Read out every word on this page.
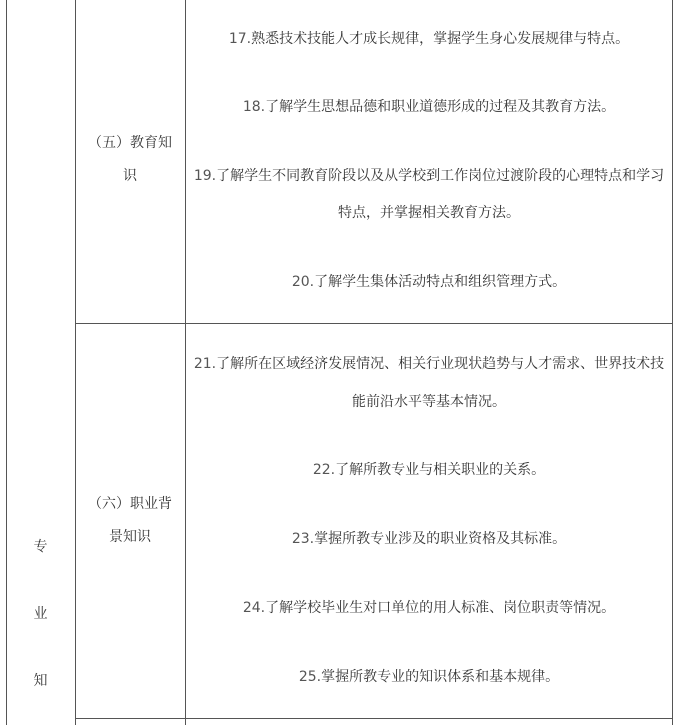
专
业
知
（五）教育知
识
17.熟悉技术技能人才成长规律，掌握学生身心发展规律与特点。
18.了解学生思想品德和职业道德形成的过程及其教育方法。
19.了解学生不同教育阶段以及从学校到工作岗位过渡阶段的心理特点和学习
特点，并掌握相关教育方法。
20.了解学生集体活动特点和组织管理方式。
（六）职业背
景知识
21.了解所在区域经济发展情况、相关行业现状趋势与人才需求、世界技术技
能前沿水平等基本情况。
22.了解所教专业与相关职业的关系。
23.掌握所教专业涉及的职业资格及其标准。
24.了解学校毕业生对口单位的用人标准、岗位职责等情况。
25.掌握所教专业的知识体系和基本规律。
